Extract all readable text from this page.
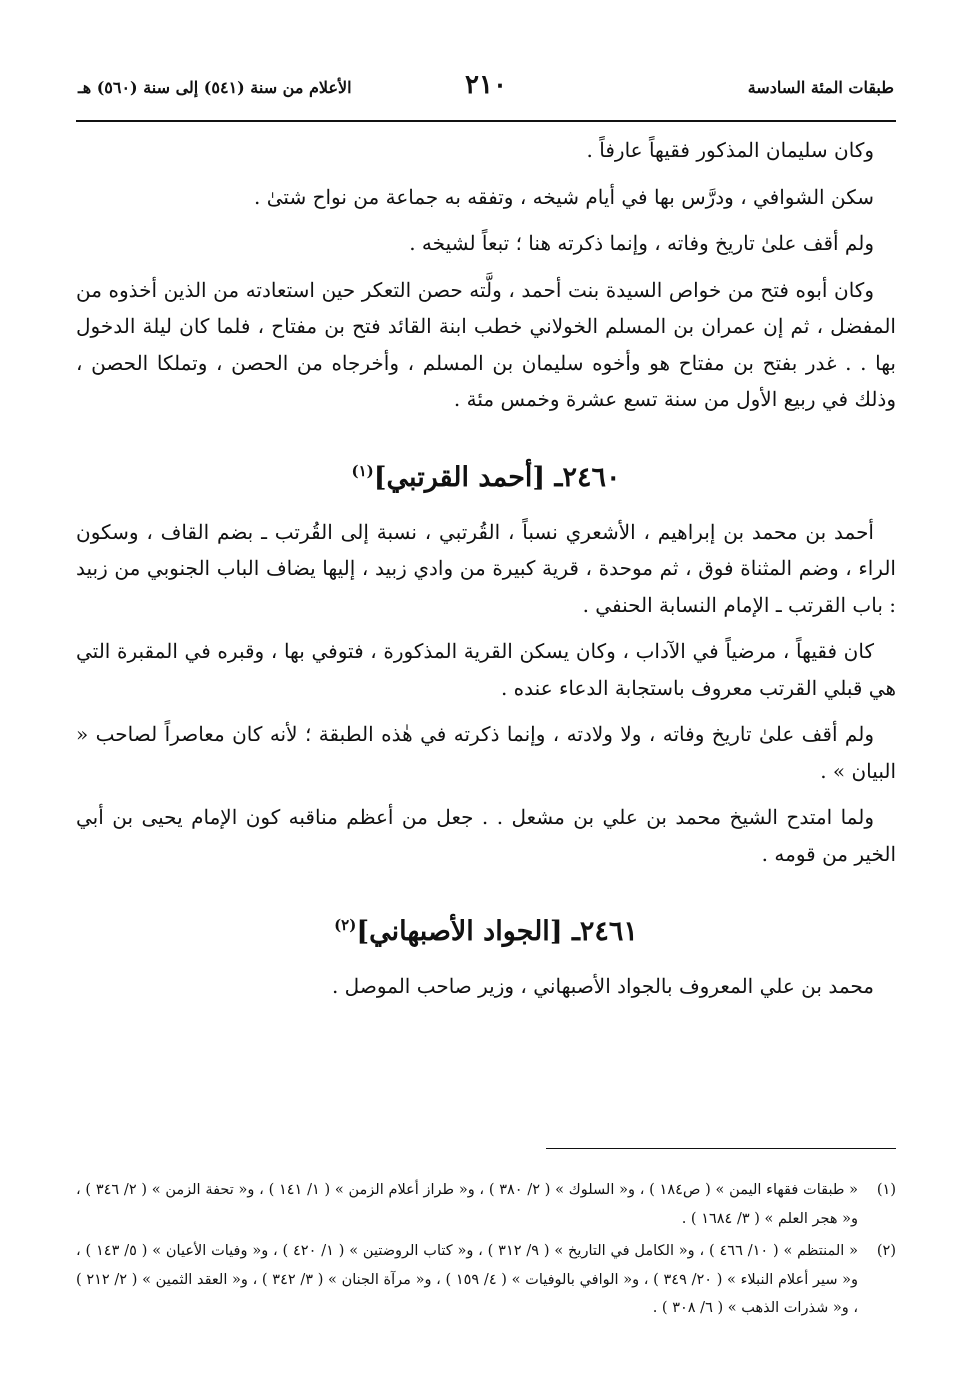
طبقات المئة السادسة
٢١٠
الأعلام من سنة (٥٤١) إلى سنة (٥٦٠) هـ

وكان سليمان المذكور فقيهاً عارفاً .

سكن الشوافي ، ودرَّس بها في أيام شيخه ، وتفقه به جماعة من نواح شتىٰ .

ولم أقف علىٰ تاريخ وفاته ، وإنما ذكرته هنا ؛ تبعاً لشيخه .

وكان أبوه فتح من خواص السيدة بنت أحمد ، ولَّته حصن التعكر حين استعادته من الذين أخذوه من المفضل ، ثم إن عمران بن المسلم الخولاني خطب ابنة القائد فتح بن مفتاح ، فلما كان ليلة الدخول بها . . غدر بفتح بن مفتاح هو وأخوه سليمان بن المسلم ، وأخرجاه من الحصن ، وتملكا الحصن ، وذلك في ربيع الأول من سنة تسع عشرة وخمس مئة .

٢٤٦٠ـ [أحمد القرتبي]$^{(١)}$

أحمد بن محمد بن إبراهيم ، الأشعري نسباً ، القُرتبي ، نسبة إلى القُرتب ـ بضم القاف ، وسكون الراء ، وضم المثناة فوق ، ثم موحدة ، قرية كبيرة من وادي زبيد ، إليها يضاف الباب الجنوبي من زبيد : باب القرتب ـ الإمام النسابة الحنفي .

كان فقيهاً ، مرضياً في الآداب ، وكان يسكن القرية المذكورة ، فتوفي بها ، وقبره في المقبرة التي هي قبلي القرتب معروف باستجابة الدعاء عنده .

ولم أقف علىٰ تاريخ وفاته ، ولا ولادته ، وإنما ذكرته في هٰذه الطبقة ؛ لأنه كان معاصراً لصاحب « البيان » .

ولما امتدح الشيخ محمد بن علي بن مشعل . . جعل من أعظم مناقبه كون الإمام يحيى بن أبي الخير من قومه .

٢٤٦١ـ [الجواد الأصبهاني]$^{(٢)}$

محمد بن علي المعروف بالجواد الأصبهاني ، وزير صاحب الموصل .

(١)
« طبقات فقهاء اليمن » ( ص١٨٤ ) ، و« السلوك » ( ٢/ ٣٨٠ ) ، و« طراز أعلام الزمن » ( ١/ ١٤١ ) ، و« تحفة الزمن » ( ٢/ ٣٤٦ ) ، و« هجر العلم » ( ٣/ ١٦٨٤ ) .
(٢)
« المنتظم » ( ١٠/ ٤٦٦ ) ، و« الكامل في التاريخ » ( ٩/ ٣١٢ ) ، و« كتاب الروضتين » ( ١/ ٤٢٠ ) ، و« وفيات الأعيان » ( ٥/ ١٤٣ ) ، و« سير أعلام النبلاء » ( ٢٠/ ٣٤٩ ) ، و« الوافي بالوفيات » ( ٤/ ١٥٩ ) ، و« مرآة الجنان » ( ٣/ ٣٤٢ ) ، و« العقد الثمين » ( ٢/ ٢١٢ ) ، و« شذرات الذهب » ( ٦/ ٣٠٨ ) .
